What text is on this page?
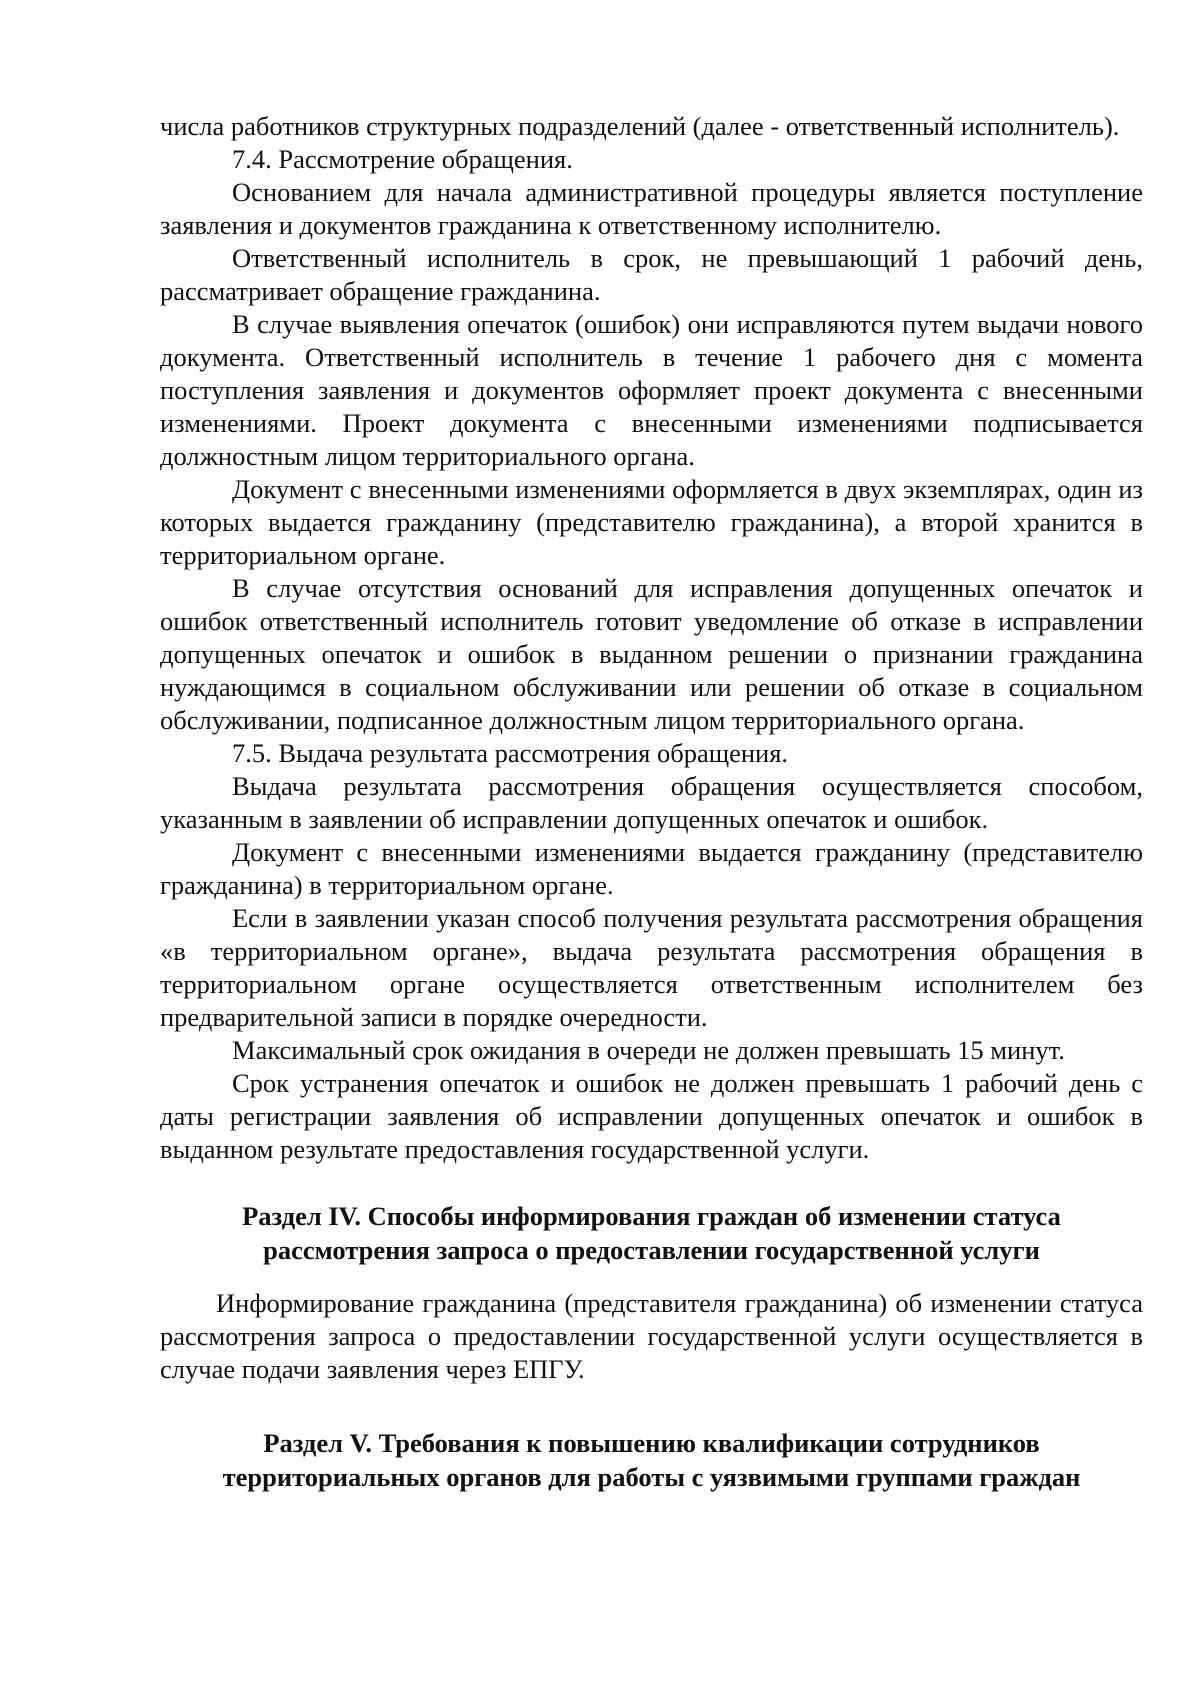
числа работников структурных подразделений (далее - ответственный исполнитель).

7.4. Рассмотрение обращения.

Основанием для начала административной процедуры является поступление заявления и документов гражданина к ответственному исполнителю.

Ответственный исполнитель в срок, не превышающий 1 рабочий день, рассматривает обращение гражданина.

В случае выявления опечаток (ошибок) они исправляются путем выдачи нового документа. Ответственный исполнитель в течение 1 рабочего дня с момента поступления заявления и документов оформляет проект документа с внесенными изменениями. Проект документа с внесенными изменениями подписывается должностным лицом территориального органа.

Документ с внесенными изменениями оформляется в двух экземплярах, один из которых выдается гражданину (представителю гражданина), а второй хранится в территориальном органе.

В случае отсутствия оснований для исправления допущенных опечаток и ошибок ответственный исполнитель готовит уведомление об отказе в исправлении допущенных опечаток и ошибок в выданном решении о признании гражданина нуждающимся в социальном обслуживании или решении об отказе в социальном обслуживании, подписанное должностным лицом территориального органа.

7.5. Выдача результата рассмотрения обращения.

Выдача результата рассмотрения обращения осуществляется способом, указанным в заявлении об исправлении допущенных опечаток и ошибок.

Документ с внесенными изменениями выдается гражданину (представителю гражданина) в территориальном органе.

Если в заявлении указан способ получения результата рассмотрения обращения «в территориальном органе», выдача результата рассмотрения обращения в территориальном органе осуществляется ответственным исполнителем без предварительной записи в порядке очередности.

Максимальный срок ожидания в очереди не должен превышать 15 минут.

Срок устранения опечаток и ошибок не должен превышать 1 рабочий день с даты регистрации заявления об исправлении допущенных опечаток и ошибок в выданном результате предоставления государственной услуги.

Раздел IV. Способы информирования граждан об изменении статуса
рассмотрения запроса о предоставлении государственной услуги

Информирование гражданина (представителя гражданина) об изменении статуса рассмотрения запроса о предоставлении государственной услуги осуществляется в случае подачи заявления через ЕПГУ.

Раздел V. Требования к повышению квалификации сотрудников
территориальных органов для работы с уязвимыми группами граждан
